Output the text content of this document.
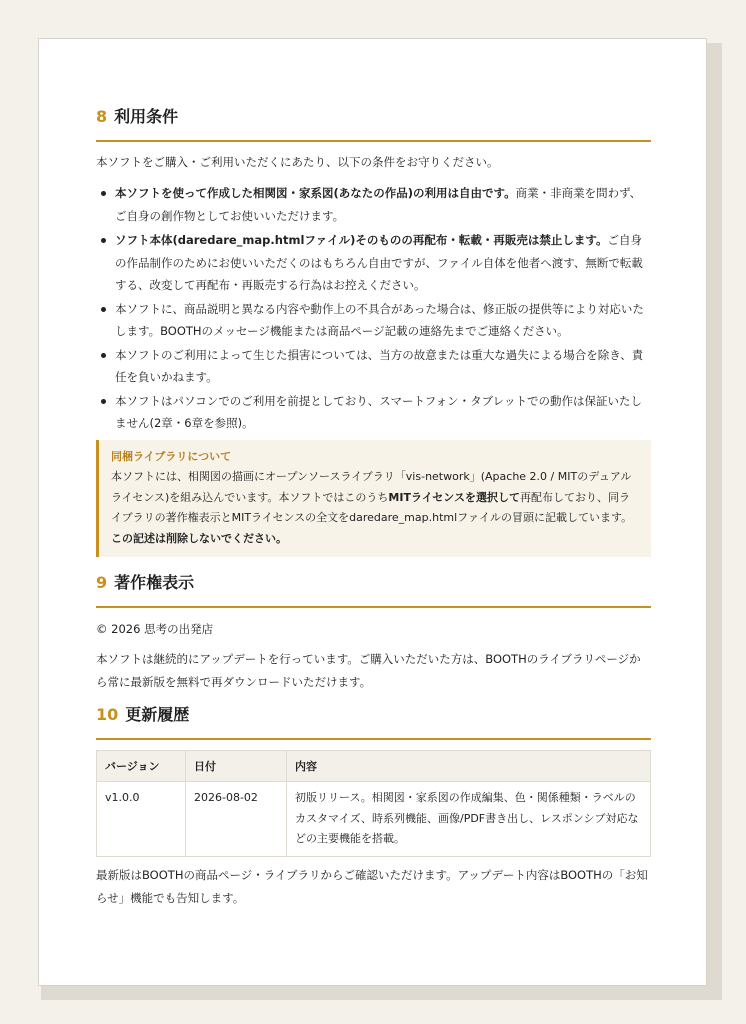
8 利用条件
本ソフトをご購入・ご利用いただくにあたり、以下の条件をお守りください。
本ソフトを使って作成した相関図・家系図(あなたの作品)の利用は自由です。商業・非商業を問わず、ご自身の創作物としてお使いいただけます。
ソフト本体(daredare_map.htmlファイル)そのものの再配布・転載・再販売は禁止します。ご自身の作品制作のためにお使いいただくのはもちろん自由ですが、ファイル自体を他者へ渡す、無断で転載する、改変して再配布・再販売する行為はお控えください。
本ソフトに、商品説明と異なる内容や動作上の不具合があった場合は、修正版の提供等により対応いたします。BOOTHのメッセージ機能または商品ページ記載の連絡先までご連絡ください。
本ソフトのご利用によって生じた損害については、当方の故意または重大な過失による場合を除き、責任を負いかねます。
本ソフトはパソコンでのご利用を前提としており、スマートフォン・タブレットでの動作は保証いたしません(2章・6章を参照)。
同梱ライブラリについて
本ソフトには、相関図の描画にオープンソースライブラリ「vis-network」(Apache 2.0 / MITのデュアルライセンス)を組み込んでいます。本ソフトではこのうちMITライセンスを選択して再配布しており、同ライブラリの著作権表示とMITライセンスの全文をdaredare_map.htmlファイルの冒頭に記載しています。この記述は削除しないでください。
9 著作権表示
© 2026 思考の出発店
本ソフトは継続的にアップデートを行っています。ご購入いただいた方は、BOOTHのライブラリページから常に最新版を無料で再ダウンロードいただけます。
10 更新履歴
バージョン	日付	内容
v1.0.0	2026-08-02	初版リリース。相関図・家系図の作成編集、色・関係種類・ラベルのカスタマイズ、時系列機能、画像/PDF書き出し、レスポンシブ対応などの主要機能を搭載。
最新版はBOOTHの商品ページ・ライブラリからご確認いただけます。アップデート内容はBOOTHの「お知らせ」機能でも告知します。
